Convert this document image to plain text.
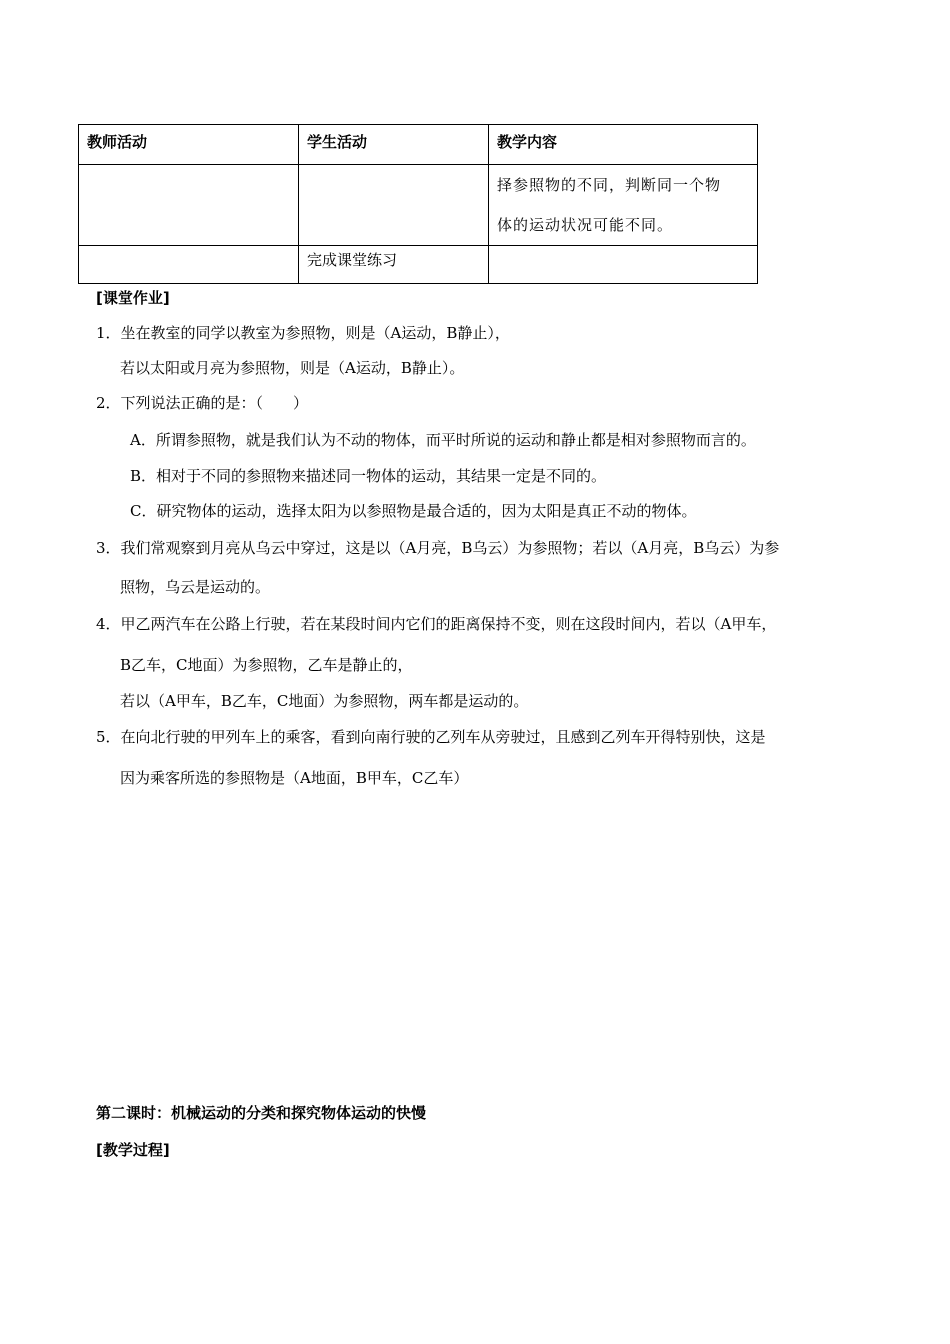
教师活动	学生活动	教学内容

		择参照物的不同，判断同一个物
体的运动状况可能不同。

	完成课堂练习	
[课堂作业]
1．坐在教室的同学以教室为参照物，则是（A运动，B静止），
若以太阳或月亮为参照物，则是（A运动，B静止）。
2．下列说法正确的是：（　　）
A．所谓参照物，就是我们认为不动的物体，而平时所说的运动和静止都是相对参照物而言的。
B．相对于不同的参照物来描述同一物体的运动，其结果一定是不同的。
C．研究物体的运动，选择太阳为以参照物是最合适的，因为太阳是真正不动的物体。
3．我们常观察到月亮从乌云中穿过，这是以（A月亮，B乌云）为参照物；若以（A月亮，B乌云）为参
照物，乌云是运动的。
4．甲乙两汽车在公路上行驶，若在某段时间内它们的距离保持不变，则在这段时间内，若以（A甲车，
B乙车，C地面）为参照物，乙车是静止的，
若以（A甲车，B乙车，C地面）为参照物，两车都是运动的。
5．在向北行驶的甲列车上的乘客，看到向南行驶的乙列车从旁驶过，且感到乙列车开得特别快，这是
因为乘客所选的参照物是（A地面，B甲车，C乙车）
第二课时：机械运动的分类和探究物体运动的快慢
[教学过程]
